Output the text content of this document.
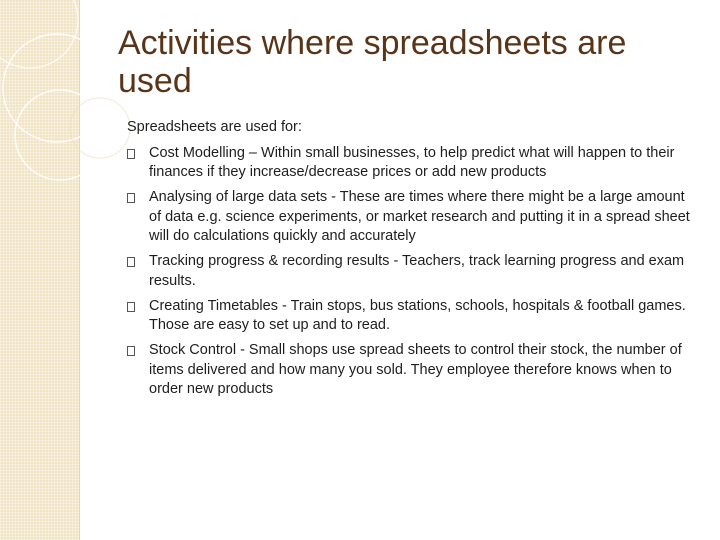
Activities where spreadsheets are used

Spreadsheets are used for:

Cost Modelling – Within small businesses, to help predict what will happen to their finances if they increase/decrease prices or add new products
Analysing of large data sets - These are times where there might be a large amount of data e.g. science experiments, or market research and putting it in a spread sheet will do calculations quickly and accurately
Tracking progress & recording results - Teachers, track learning progress and exam results.
Creating Timetables - Train stops, bus stations, schools, hospitals & football games. Those are easy to set up and to read.
Stock Control - Small shops use spread sheets to control their stock, the number of items delivered and how many you sold. They employee therefore knows when to order new products
